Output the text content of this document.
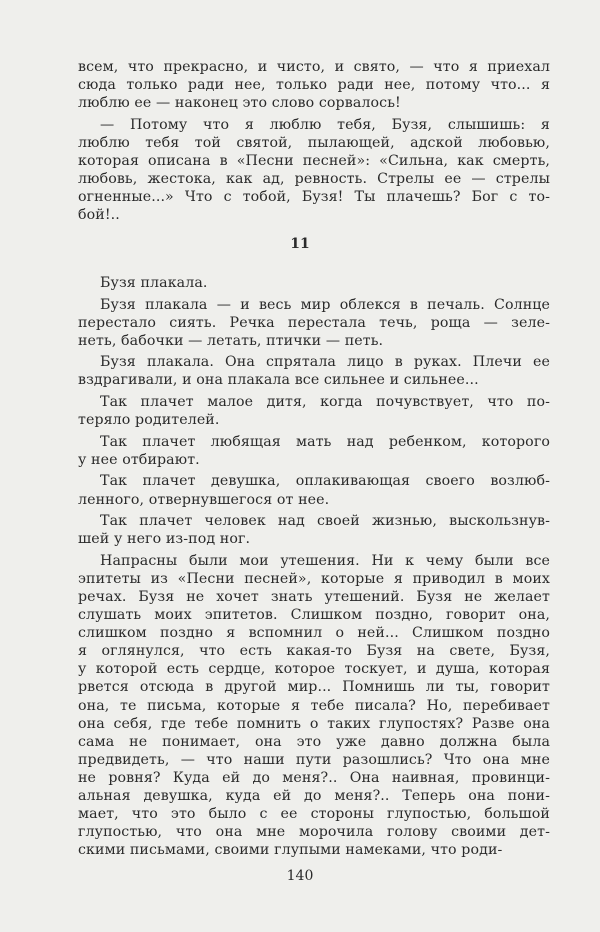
всем, что прекрасно, и чисто, и свято, — что я приехал
сюда только ради нее, только ради нее, потому что... я
люблю ее — наконец это слово сорвалось!
— Потому что я люблю тебя, Бузя, слышишь: я
люблю тебя той святой, пылающей, адской любовью,
которая описана в «Песни песней»: «Сильна, как смерть,
любовь, жестока, как ад, ревность. Стрелы ее — стрелы
огненные...» Что с тобой, Бузя! Ты плачешь? Бог с то-
бой!..
11
Бузя плакала.
Бузя плакала — и весь мир облекся в печаль. Солнце
перестало сиять. Речка перестала течь, роща — зеле-
неть, бабочки — летать, птички — петь.
Бузя плакала. Она спрятала лицо в руках. Плечи ее
вздрагивали, и она плакала все сильнее и сильнее...
Так плачет малое дитя, когда почувствует, что по-
теряло родителей.
Так плачет любящая мать над ребенком, которого
у нее отбирают.
Так плачет девушка, оплакивающая своего возлюб-
ленного, отвернувшегося от нее.
Так плачет человек над своей жизнью, выскользнув-
шей у него из-под ног.
Напрасны были мои утешения. Ни к чему были все
эпитеты из «Песни песней», которые я приводил в моих
речах. Бузя не хочет знать утешений. Бузя не желает
слушать моих эпитетов. Слишком поздно, говорит она,
слишком поздно я вспомнил о ней... Слишком поздно
я оглянулся, что есть какая-то Бузя на свете, Бузя,
у которой есть сердце, которое тоскует, и душа, которая
рвется отсюда в другой мир... Помнишь ли ты, говорит
она, те письма, которые я тебе писала? Но, перебивает
она себя, где тебе помнить о таких глупостях? Разве она
сама не понимает, она это уже давно должна была
предвидеть, — что наши пути разошлись? Что она мне
не ровня? Куда ей до меня?.. Она наивная, провинци-
альная девушка, куда ей до меня?.. Теперь она пони-
мает, что это было с ее стороны глупостью, большой
глупостью, что она мне морочила голову своими дет-
скими письмами, своими глупыми намеками, что роди-
140
